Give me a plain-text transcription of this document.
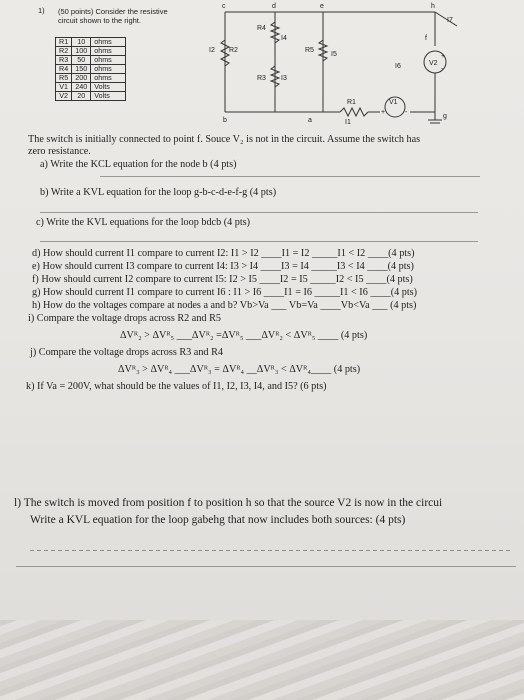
1) (50 points) Consider the resistive
circuit shown to the right.
R1	10	ohms
R2	100	ohms
R3	50	ohms
R4	150	ohms
R5	200	ohms
V1	240	Volts
V2	20	Volts
c	d	e	h
f
b	a
g
R2
R4
R3
R5
R1
V2
V1
+	-
+
-
I2
I4
I3
I5
I6
I7
I1
The switch is initially connected to point f. Souce V₂ is not in the circuit. Assume the switch has
zero resistance.
a) Write the KCL equation for the node b (4 pts)
b) Write a KVL equation for the loop g-b-c-d-e-f-g (4 pts)
c) Write the KVL equations for the loop bdcb (4 pts)
d) How should current I1 compare to current I2: I1 > I2 ____I1 = I2 _____I1 < I2 ____(4 pts)
e) How should current I3 compare to current I4: I3 > I4 ____I3 = I4 _____I3 < I4 ____(4 pts)
f) How should current I2 compare to current I5: I2 > I5 ____I2 = I5 _____I2 < I5 ____(4 pts)
g) How should current I1 compare to current I6 : I1 > I6 ____I1 = I6 _____I1 < I6 ____(4 pts)
h) How do the voltages compare at nodes a and b? Vb>Va ___ Vb=Va ____Vb<Va ___ (4 pts)
i) Compare the voltage drops across R2 and R5
ΔVᴿ₂ > ΔVᴿ₅ ___ΔVᴿ₂ =ΔVᴿ₅ ___ΔVᴿ₂ < ΔVᴿ₅ ____ (4 pts)
j) Compare the voltage drops across R3 and R4
ΔVᴿ₃ > ΔVᴿ₄ ___ΔVᴿ₃ = ΔVᴿ₄ __ΔVᴿ₃ < ΔVᴿ₄____ (4 pts)
k) If Va = 200V, what should be the values of I1, I2, I3, I4, and I5? (6 pts)
l) The switch is moved from position f to position h so that the source V2 is now in the circui
Write a KVL equation for the loop gabehg that now includes both sources: (4 pts)
